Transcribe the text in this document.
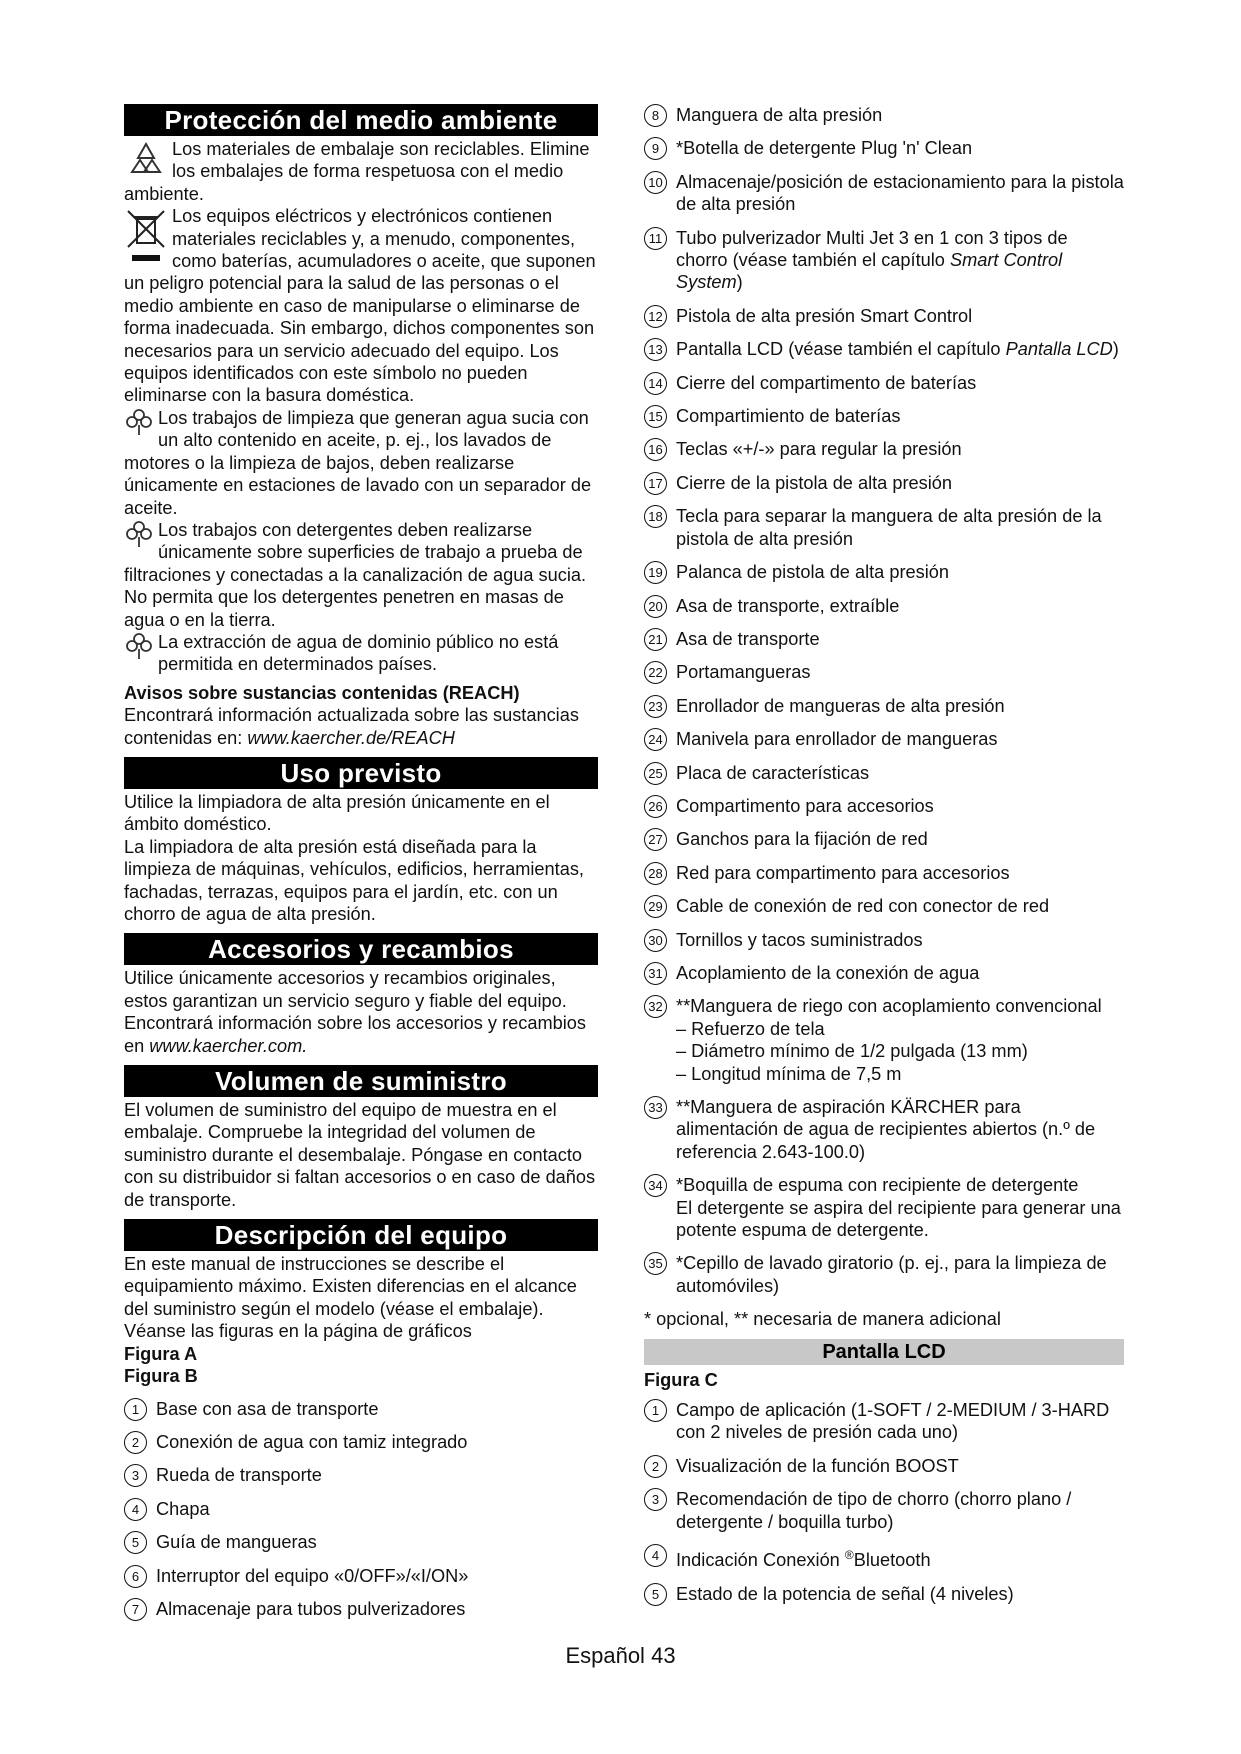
Protección del medio ambiente

Los materiales de embalaje son reciclables. Elimine los embalajes de forma respetuosa con el medio ambiente.

Los equipos eléctricos y electrónicos contienen materiales reciclables y, a menudo, componentes, como baterías, acumuladores o aceite, que suponen un peligro potencial para la salud de las personas o el medio ambiente en caso de manipularse o eliminarse de forma inadecuada. Sin embargo, dichos componentes son necesarios para un servicio adecuado del equipo. Los equipos identificados con este símbolo no pueden eliminarse con la basura doméstica.

Los trabajos de limpieza que generan agua sucia con un alto contenido en aceite, p. ej., los lavados de motores o la limpieza de bajos, deben realizarse únicamente en estaciones de lavado con un separador de aceite.

Los trabajos con detergentes deben realizarse únicamente sobre superficies de trabajo a prueba de filtraciones y conectadas a la canalización de agua sucia. No permita que los detergentes penetren en masas de agua o en la tierra.

La extracción de agua de dominio público no está permitida en determinados países.

Avisos sobre sustancias contenidas (REACH)

Encontrará información actualizada sobre las sustancias contenidas en: www.kaercher.de/REACH

Uso previsto

Utilice la limpiadora de alta presión únicamente en el ámbito doméstico.

La limpiadora de alta presión está diseñada para la limpieza de máquinas, vehículos, edificios, herramientas, fachadas, terrazas, equipos para el jardín, etc. con un chorro de agua de alta presión.

Accesorios y recambios

Utilice únicamente accesorios y recambios originales, estos garantizan un servicio seguro y fiable del equipo. Encontrará información sobre los accesorios y recambios en www.kaercher.com.

Volumen de suministro

El volumen de suministro del equipo de muestra en el embalaje. Compruebe la integridad del volumen de suministro durante el desembalaje. Póngase en contacto con su distribuidor si faltan accesorios o en caso de daños de transporte.

Descripción del equipo

En este manual de instrucciones se describe el equipamiento máximo. Existen diferencias en el alcance del suministro según el modelo (véase el embalaje).

Véanse las figuras en la página de gráficos

Figura A

Figura B

1 Base con asa de transporte
2 Conexión de agua con tamiz integrado
3 Rueda de transporte
4 Chapa
5 Guía de mangueras
6 Interruptor del equipo «0/OFF»/«I/ON»
7 Almacenaje para tubos pulverizadores
8 Manguera de alta presión
9 *Botella de detergente Plug 'n' Clean
10 Almacenaje/posición de estacionamiento para la pistola de alta presión
11 Tubo pulverizador Multi Jet 3 en 1 con 3 tipos de chorro (véase también el capítulo Smart Control System)
12 Pistola de alta presión Smart Control
13 Pantalla LCD (véase también el capítulo Pantalla LCD)
14 Cierre del compartimento de baterías
15 Compartimiento de baterías
16 Teclas «+/-» para regular la presión
17 Cierre de la pistola de alta presión
18 Tecla para separar la manguera de alta presión de la pistola de alta presión
19 Palanca de pistola de alta presión
20 Asa de transporte, extraíble
21 Asa de transporte
22 Portamangueras
23 Enrollador de mangueras de alta presión
24 Manivela para enrollador de mangueras
25 Placa de características
26 Compartimento para accesorios
27 Ganchos para la fijación de red
28 Red para compartimento para accesorios
29 Cable de conexión de red con conector de red
30 Tornillos y tacos suministrados
31 Acoplamiento de la conexión de agua
32 **Manguera de riego con acoplamiento convencional
– Refuerzo de tela
– Diámetro mínimo de 1/2 pulgada (13 mm)
– Longitud mínima de 7,5 m
33 **Manguera de aspiración KÄRCHER para alimentación de agua de recipientes abiertos (n.º de referencia 2.643-100.0)
34 *Boquilla de espuma con recipiente de detergente
El detergente se aspira del recipiente para generar una potente espuma de detergente.
35 *Cepillo de lavado giratorio (p. ej., para la limpieza de automóviles)

* opcional, ** necesaria de manera adicional

Pantalla LCD

Figura C

1 Campo de aplicación (1-SOFT / 2-MEDIUM / 3-HARD con 2 niveles de presión cada uno)
2 Visualización de la función BOOST
3 Recomendación de tipo de chorro (chorro plano / detergente / boquilla turbo)
4 Indicación Conexión ®Bluetooth
5 Estado de la potencia de señal (4 niveles)
Español 43
